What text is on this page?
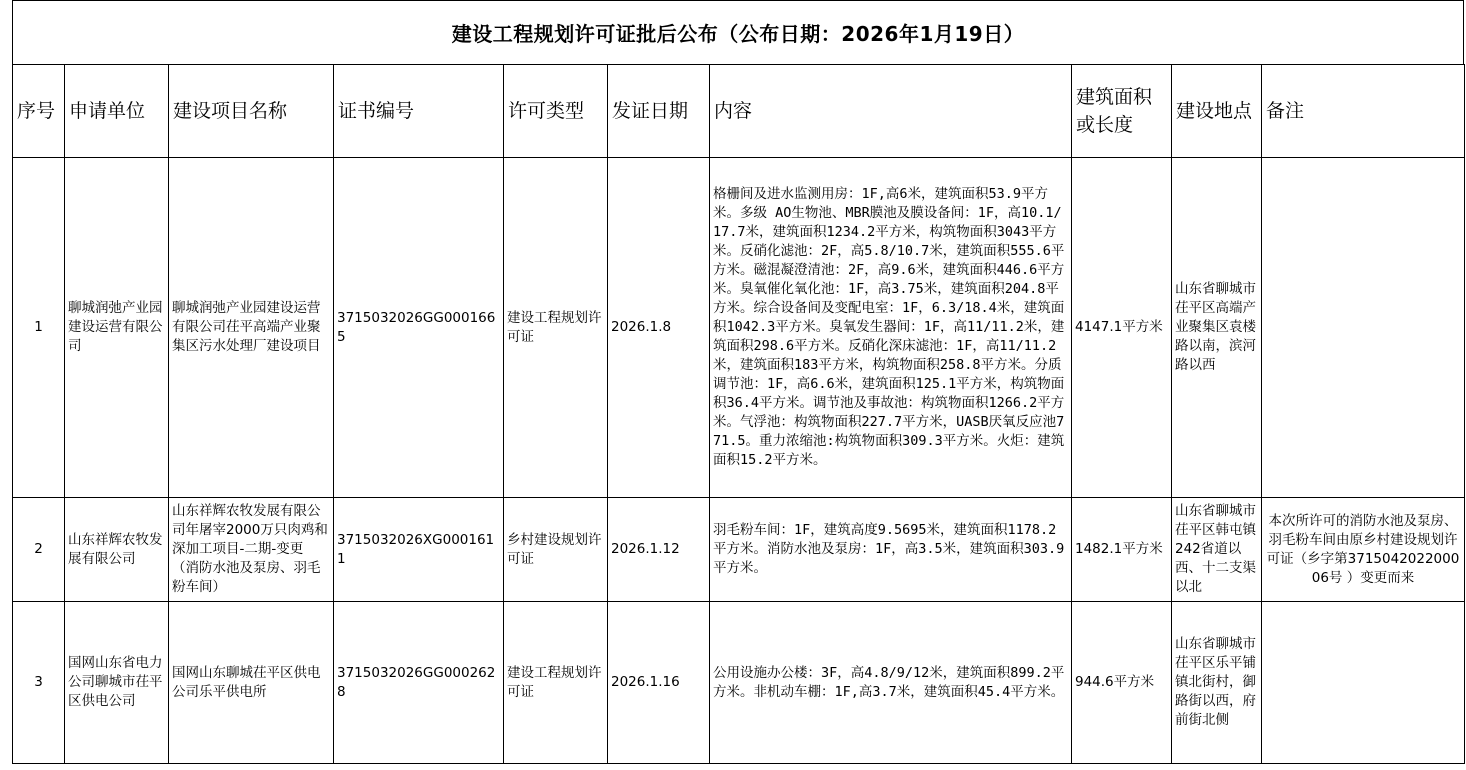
建设工程规划许可证批后公布（公布日期：2026年1月19日）
序号	申请单位	建设项目名称	证书编号	许可类型	发证日期	内容	建筑面积或长度	建设地点	备注
1	聊城润弛产业园建设运营有限公司	聊城润弛产业园建设运营有限公司茌平高端产业聚集区污水处理厂建设项目	3715032026GG0001665	建设工程规划许可证	2026.1.8	格栅间及进水监测用房：1F,高6米，建筑面积53.9平方米。多级 AO生物池、MBR膜池及膜设备间：1F，高10.1/17.7米，建筑面积1234.2平方米，构筑物面积3043平方米。反硝化滤池：2F，高5.8/10.7米，建筑面积555.6平方米。磁混凝澄清池：2F，高9.6米，建筑面积446.6平方米。臭氧催化氧化池：1F，高3.75米，建筑面积204.8平方米。综合设备间及变配电室：1F，6.3/18.4米，建筑面积1042.3平方米。臭氧发生器间：1F，高11/11.2米，建筑面积298.6平方米。反硝化深床滤池：1F，高11/11.2 米，建筑面积183平方米，构筑物面积258.8平方米。分质调节池：1F，高6.6米，建筑面积125.1平方米，构筑物面积36.4平方米。调节池及事故池：构筑物面积1266.2平方米。气浮池：构筑物面积227.7平方米，UASB厌氧反应池771.5。重力浓缩池:构筑物面积309.3平方米。火炬：建筑面积15.2平方米。	4147.1平方米	山东省聊城市茌平区高端产业聚集区袁楼路以南，滨河路以西	
2	山东祥辉农牧发展有限公司	山东祥辉农牧发展有限公司年屠宰2000万只肉鸡和深加工项目-二期-变更（消防水池及泵房、羽毛粉车间）	3715032026XG0001611	乡村建设规划许可证	2026.1.12	羽毛粉车间：1F，建筑高度9.5695米，建筑面积1178.2平方米。消防水池及泵房：1F，高3.5米，建筑面积303.9平方米。	1482.1平方米	山东省聊城市茌平区韩屯镇242省道以西、十二支渠以北	本次所许可的消防水池及泵房、羽毛粉车间由原乡村建设规划许可证（乡字第371504202200006号 ）变更而来
3	国网山东省电力公司聊城市茌平区供电公司	国网山东聊城茌平区供电公司乐平供电所	3715032026GG0002628	建设工程规划许可证	2026.1.16	公用设施办公楼：3F，高4.8/9/12米，建筑面积899.2平方米。非机动车棚：1F,高3.7米，建筑面积45.4平方米。	944.6平方米	山东省聊城市茌平区乐平铺镇北街村，御路街以西，府前街北侧	
